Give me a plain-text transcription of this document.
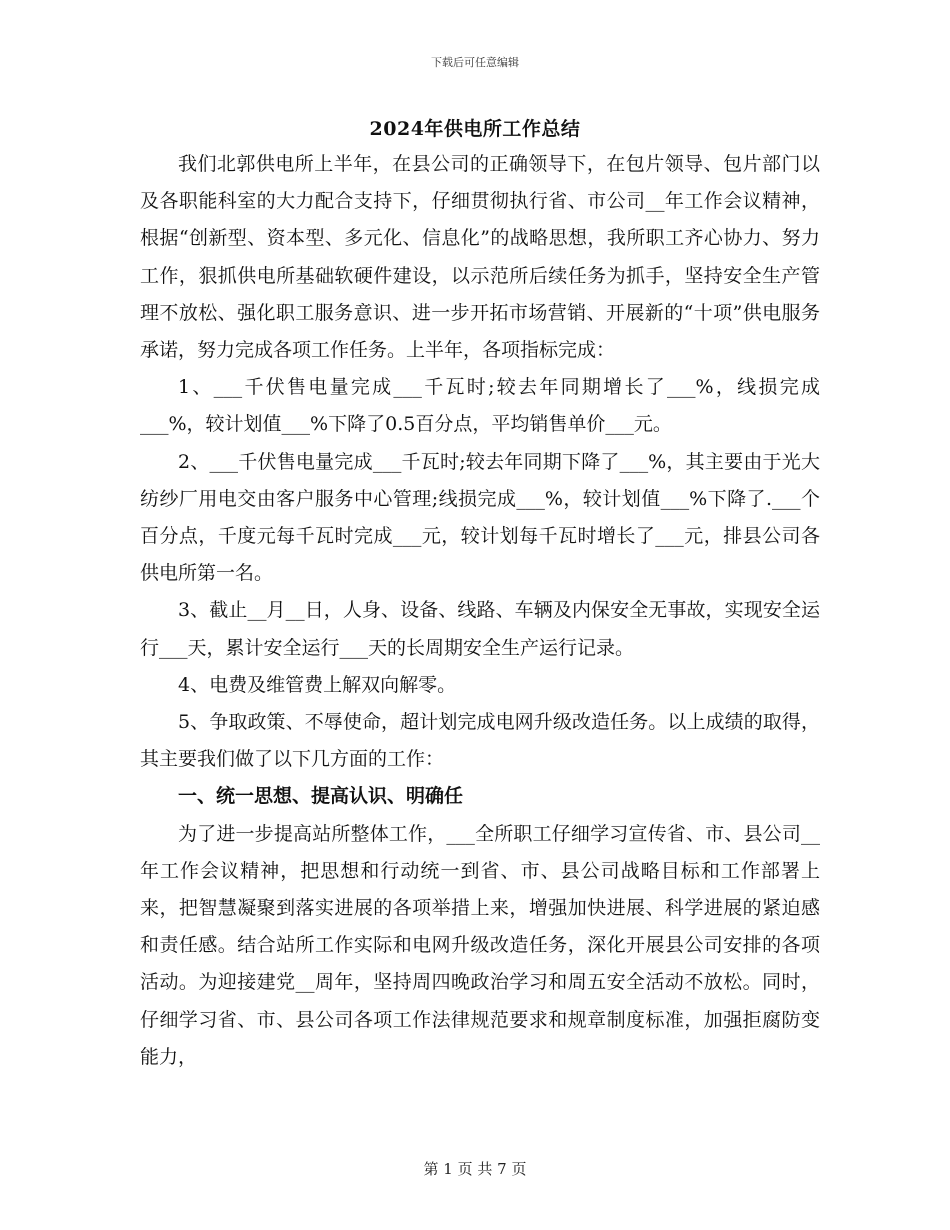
下载后可任意编辑
2024年供电所工作总结

我们北郭供电所上半年，在县公司的正确领导下，在包片领导、包片部门以及各职能科室的大力配合支持下，仔细贯彻执行省、市公司__年工作会议精神，根据“创新型、资本型、多元化、信息化”的战略思想，我所职工齐心协力、努力工作，狠抓供电所基础软硬件建设，以示范所后续任务为抓手，坚持安全生产管理不放松、强化职工服务意识、进一步开拓市场营销、开展新的“十项”供电服务承诺，努力完成各项工作任务。上半年，各项指标完成：

1、___千伏售电量完成___千瓦时;较去年同期增长了___%，线损完成___%，较计划值___%下降了0.5百分点，平均销售单价___元。

2、___千伏售电量完成___千瓦时;较去年同期下降了___%，其主要由于光大纺纱厂用电交由客户服务中心管理;线损完成___%，较计划值___%下降了.___个百分点，千度元每千瓦时完成___元，较计划每千瓦时增长了___元，排县公司各供电所第一名。

3、截止__月__日，人身、设备、线路、车辆及内保安全无事故，实现安全运行___天，累计安全运行___天的长周期安全生产运行记录。

4、电费及维管费上解双向解零。

5、争取政策、不辱使命，超计划完成电网升级改造任务。以上成绩的取得，其主要我们做了以下几方面的工作：

一、统一思想、提高认识、明确任

为了进一步提高站所整体工作，___全所职工仔细学习宣传省、市、县公司__年工作会议精神，把思想和行动统一到省、市、县公司战略目标和工作部署上来，把智慧凝聚到落实进展的各项举措上来，增强加快进展、科学进展的紧迫感和责任感。结合站所工作实际和电网升级改造任务，深化开展县公司安排的各项活动。为迎接建党__周年，坚持周四晚政治学习和周五安全活动不放松。同时，仔细学习省、市、县公司各项工作法律规范要求和规章制度标准，加强拒腐防变能力，

第 1 页 共 7 页
